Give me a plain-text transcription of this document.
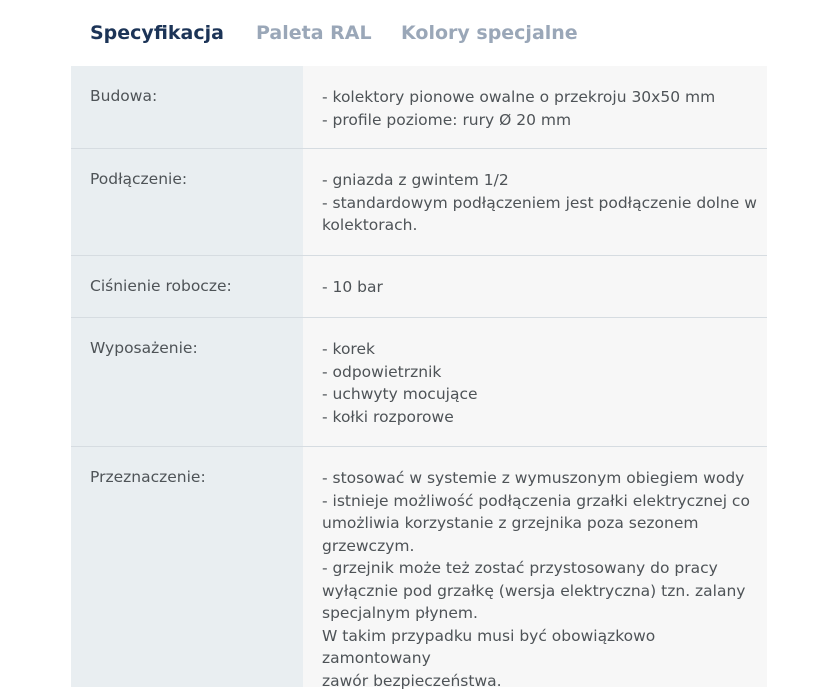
Specyfikacja Paleta RAL Kolory specjalne
Budowa:	- kolektory pionowe owalne o przekroju 30x50 mm
- profile poziome: rury Ø 20 mm
Podłączenie:	- gniazda z gwintem 1/2
- standardowym podłączeniem jest podłączenie dolne w
kolektorach.
Ciśnienie robocze:	- 10 bar
Wyposażenie:	- korek
- odpowietrznik
- uchwyty mocujące
- kołki rozporowe
Przeznaczenie:	- stosować w systemie z wymuszonym obiegiem wody
- istnieje możliwość podłączenia grzałki elektrycznej co
umożliwia korzystanie z grzejnika poza sezonem
grzewczym.
- grzejnik może też zostać przystosowany do pracy
wyłącznie pod grzałkę (wersja elektryczna) tzn. zalany
specjalnym płynem.
W takim przypadku musi być obowiązkowo zamontowany
zawór bezpieczeństwa.
